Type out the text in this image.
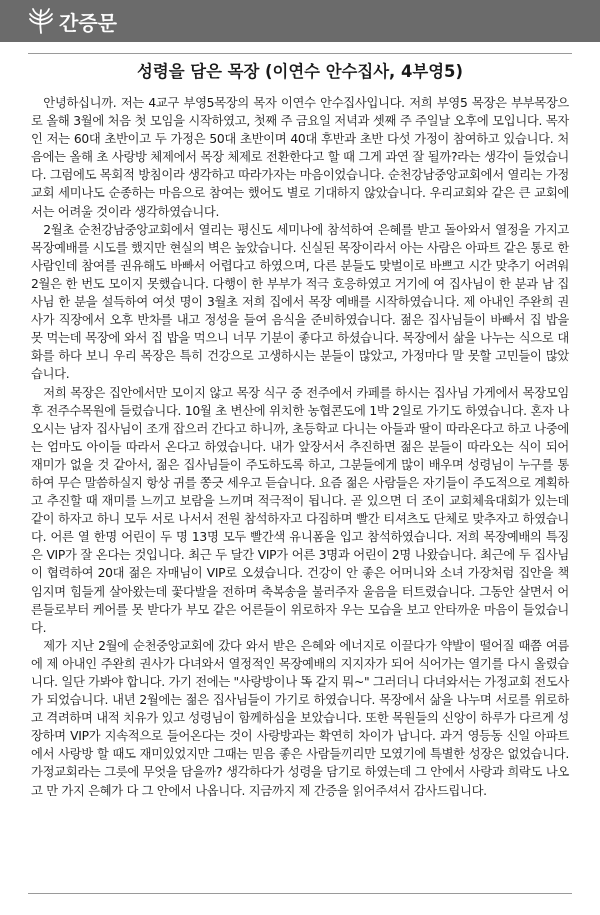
간증문
성령을 담은 목장 (이연수 안수집사, 4부영5)

안녕하십니까. 저는 4교구 부영5목장의 목자 이연수 안수집사입니다. 저희 부영5 목장은 부부목장으로 올해 3월에 처음 첫 모임을 시작하였고, 첫째 주 금요일 저녁과 셋째 주 주일날 오후에 모입니다. 목자인 저는 60대 초반이고 두 가정은 50대 초반이며 40대 후반과 초반 다섯 가정이 참여하고 있습니다. 처음에는 올해 초 사랑방 체제에서 목장 체제로 전환한다고 할 때 그게 과연 잘 될까?라는 생각이 들었습니다. 그럼에도 목회적 방침이라 생각하고 따라가자는 마음이었습니다. 순천강남중앙교회에서 열리는 가정교회 세미나도 순종하는 마음으로 참여는 했어도 별로 기대하지 않았습니다. 우리교회와 같은 큰 교회에서는 어려울 것이라 생각하였습니다.

2월초 순천강남중앙교회에서 열리는 평신도 세미나에 참석하여 은혜를 받고 돌아와서 열정을 가지고 목장예배를 시도를 했지만 현실의 벽은 높았습니다. 신실된 목장이라서 아는 사람은 아파트 같은 통로 한 사람인데 참여를 권유해도 바빠서 어렵다고 하였으며, 다른 분들도 맞벌이로 바쁘고 시간 맞추기 어려워 2월은 한 번도 모이지 못했습니다. 다행이 한 부부가 적극 호응하였고 거기에 여 집사님이 한 분과 남 집사님 한 분을 설득하여 여섯 명이 3월초 저희 집에서 목장 예배를 시작하였습니다. 제 아내인 주완희 권사가 직장에서 오후 반차를 내고 정성을 들여 음식을 준비하였습니다. 젊은 집사님들이 바빠서 집 밥을 못 먹는데 목장에 와서 집 밥을 먹으니 너무 기분이 좋다고 하셨습니다. 목장에서 삶을 나누는 식으로 대화를 하다 보니 우리 목장은 특히 건강으로 고생하시는 분들이 많았고, 가정마다 말 못할 고민들이 많았습니다.

저희 목장은 집안에서만 모이지 않고 목장 식구 중 전주에서 카페를 하시는 집사님 가게에서 목장모임 후 전주수목원에 들렀습니다. 10월 초 변산에 위치한 농협콘도에 1박 2일로 가기도 하였습니다. 혼자 나오시는 남자 집사님이 조개 잡으러 간다고 하니까, 초등학교 다니는 아들과 딸이 따라온다고 하고 나중에는 엄마도 아이들 따라서 온다고 하였습니다. 내가 앞장서서 추진하면 젊은 분들이 따라오는 식이 되어 재미가 없을 것 같아서, 젊은 집사님들이 주도하도록 하고, 그분들에게 많이 배우며 성령님이 누구를 통하여 무슨 말씀하실지 항상 귀를 쫑긋 세우고 듣습니다. 요즘 젊은 사람들은 자기들이 주도적으로 계획하고 추진할 때 재미를 느끼고 보람을 느끼며 적극적이 됩니다. 곧 있으면 더 조이 교회체육대회가 있는데 같이 하자고 하니 모두 서로 나서서 전원 참석하자고 다짐하며 빨간 티셔츠도 단체로 맞추자고 하였습니다. 어른 열 한명 어린이 두 명 13명 모두 빨간색 유니폼을 입고 참석하였습니다. 저희 목장예배의 특징은 VIP가 잘 온다는 것입니다. 최근 두 달간 VIP가 어른 3명과 어린이 2명 나왔습니다. 최근에 두 집사님이 협력하여 20대 젊은 자매님이 VIP로 오셨습니다. 건강이 안 좋은 어머니와 소녀 가장처럼 집안을 책임지며 힘들게 살아왔는데 꽃다발을 전하며 축복송을 불러주자 울음을 터트렸습니다. 그동안 살면서 어른들로부터 케어를 못 받다가 부모 같은 어른들이 위로하자 우는 모습을 보고 안타까운 마음이 들었습니다.

제가 지난 2월에 순천중앙교회에 갔다 와서 받은 은혜와 에너지로 이끌다가 약발이 떨어질 때쯤 여름에 제 아내인 주완희 권사가 다녀와서 열정적인 목장예배의 지지자가 되어 식어가는 열기를 다시 올렸습니다. 일단 가봐야 합니다. 가기 전에는 "사랑방이나 똑 같지 뭐~" 그러더니 다녀와서는 가정교회 전도사가 되었습니다. 내년 2월에는 젊은 집사님들이 가기로 하였습니다. 목장에서 삶을 나누며 서로를 위로하고 격려하며 내적 치유가 있고 성령님이 함께하심을 보았습니다. 또한 목원들의 신앙이 하루가 다르게 성장하며 VIP가 지속적으로 들어온다는 것이 사랑방과는 확연히 차이가 납니다. 과거 영등동 신일 아파트에서 사랑방 할 때도 재미있었지만 그때는 믿음 좋은 사람들끼리만 모였기에 특별한 성장은 없었습니다. 가정교회라는 그릇에 무엇을 담을까? 생각하다가 성령을 담기로 하였는데 그 안에서 사랑과 희락도 나오고 만 가지 은혜가 다 그 안에서 나옵니다. 지금까지 제 간증을 읽어주셔서 감사드립니다.
